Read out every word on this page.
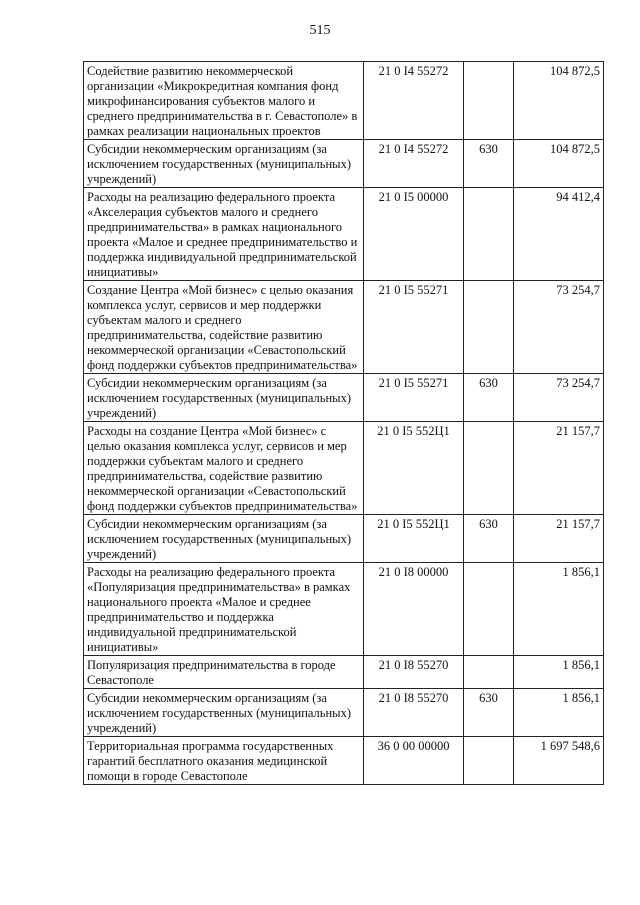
515
Содействие развитию некоммерческой организации «Микрокредитная компания фонд микрофинансирования субъектов малого и среднего предпринимательства в г. Севастополе» в рамках реализации национальных проектов	21 0 I4 55272		104 872,5
Субсидии некоммерческим организациям (за исключением государственных (муниципальных) учреждений)	21 0 I4 55272	630	104 872,5
Расходы на реализацию федерального проекта «Акселерация субъектов малого и среднего предпринимательства» в рамках национального проекта «Малое и среднее предпринимательство и поддержка индивидуальной предпринимательской инициативы»	21 0 I5 00000		94 412,4
Создание Центра «Мой бизнес» с целью оказания комплекса услуг, сервисов и мер поддержки субъектам малого и среднего предпринимательства, содействие развитию некоммерческой организации «Севастопольский фонд поддержки субъектов предпринимательства»	21 0 I5 55271		73 254,7
Субсидии некоммерческим организациям (за исключением государственных (муниципальных) учреждений)	21 0 I5 55271	630	73 254,7
Расходы на создание Центра «Мой бизнес» с целью оказания комплекса услуг, сервисов и мер поддержки субъектам малого и среднего предпринимательства, содействие развитию некоммерческой организации «Севастопольский фонд поддержки субъектов предпринимательства»	21 0 I5 552Ц1		21 157,7
Субсидии некоммерческим организациям (за исключением государственных (муниципальных) учреждений)	21 0 I5 552Ц1	630	21 157,7
Расходы на реализацию федерального проекта «Популяризация предпринимательства» в рамках национального проекта «Малое и среднее предпринимательство и поддержка индивидуальной предпринимательской инициативы»	21 0 I8 00000		1 856,1
Популяризация предпринимательства в городе Севастополе	21 0 I8 55270		1 856,1
Субсидии некоммерческим организациям (за исключением государственных (муниципальных) учреждений)	21 0 I8 55270	630	1 856,1
Территориальная программа государственных гарантий бесплатного оказания медицинской помощи в городе Севастополе	36 0 00 00000		1 697 548,6
